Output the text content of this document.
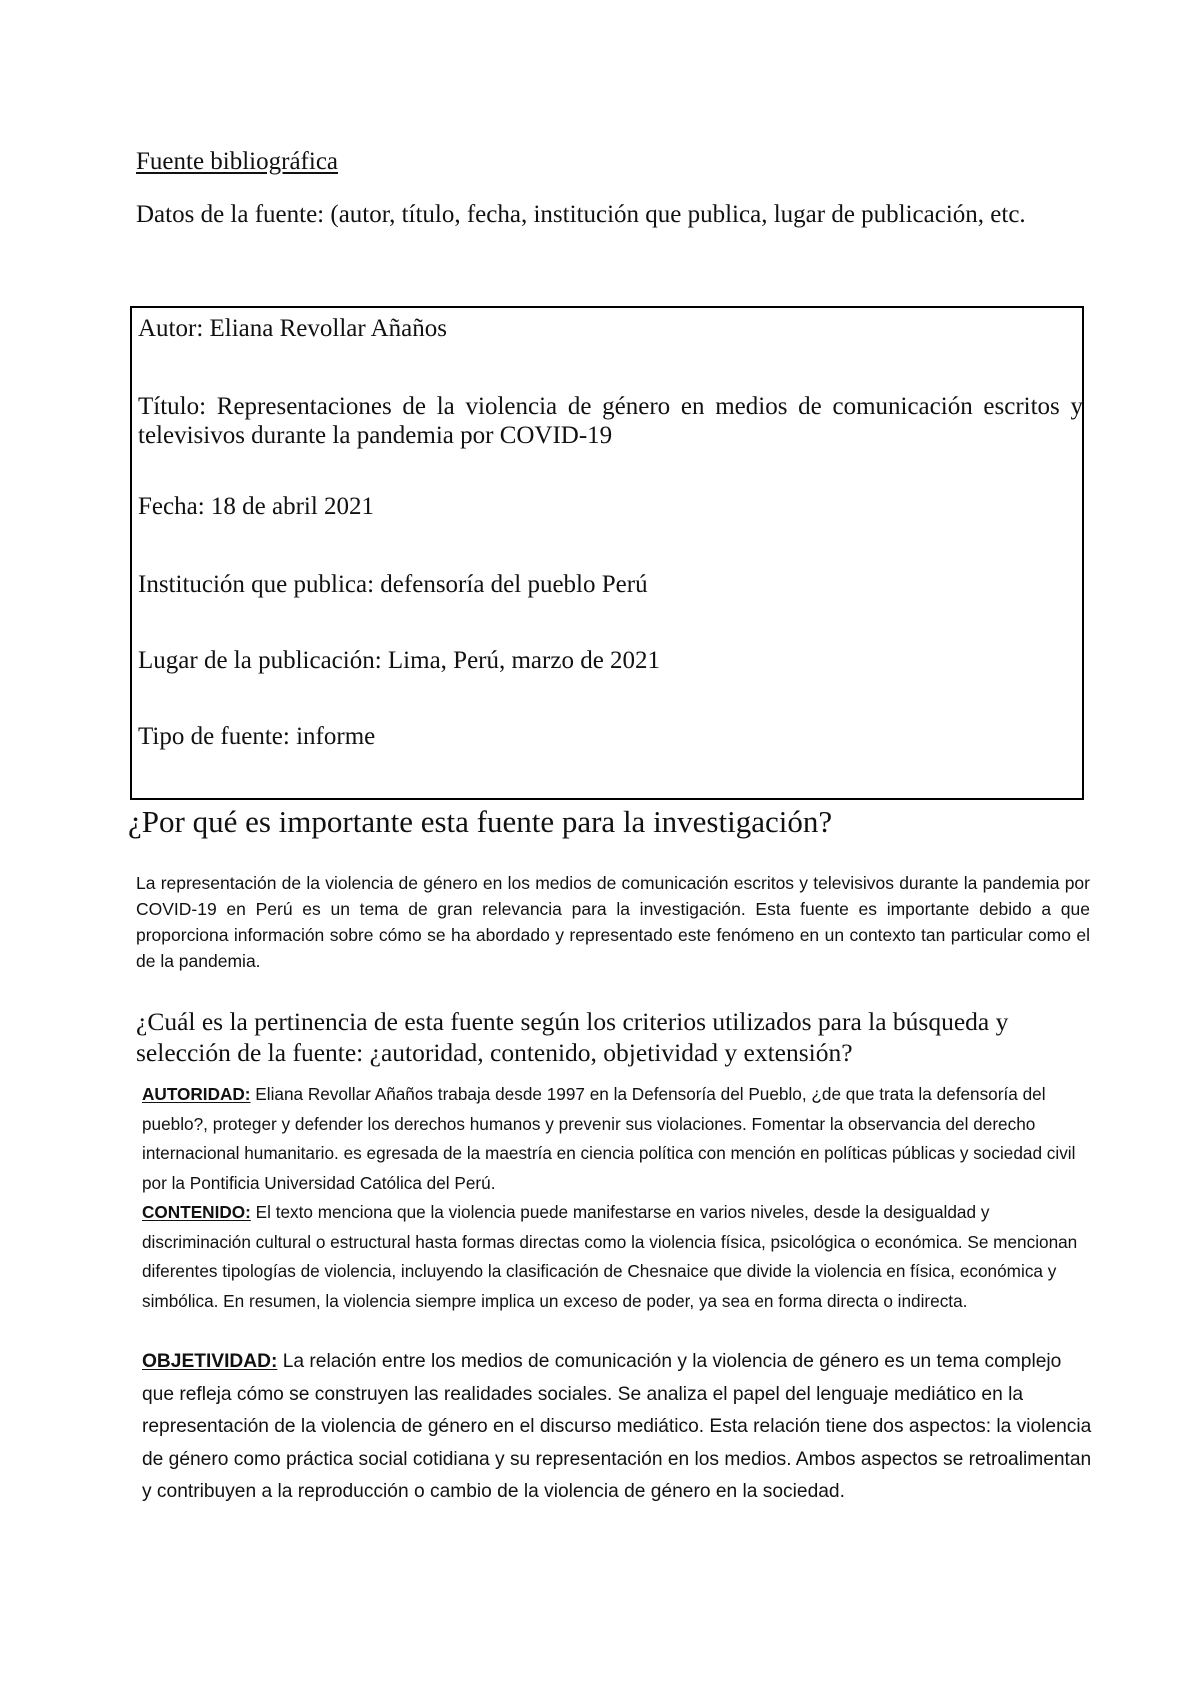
Fuente bibliográfica

Datos de la fuente: (autor, título, fecha, institución que publica, lugar de publicación, etc.

Autor: Eliana Revollar Añaños

Título: Representaciones de la violencia de género en medios de comunicación escritos y televisivos durante la pandemia por COVID-19

Fecha: 18 de abril 2021

Institución que publica: defensoría del pueblo Perú

Lugar de la publicación: Lima, Perú, marzo de 2021

Tipo de fuente: informe

¿Por qué es importante esta fuente para la investigación?

La representación de la violencia de género en los medios de comunicación escritos y televisivos durante la pandemia por COVID-19 en Perú es un tema de gran relevancia para la investigación. Esta fuente es importante debido a que proporciona información sobre cómo se ha abordado y representado este fenómeno en un contexto tan particular como el de la pandemia.

¿Cuál es la pertinencia de esta fuente según los criterios utilizados para la búsqueda y selección de la fuente: ¿autoridad, contenido, objetividad y extensión?

AUTORIDAD: Eliana Revollar Añaños trabaja desde 1997 en la Defensoría del Pueblo, ¿de que trata la defensoría del pueblo?, proteger y defender los derechos humanos y prevenir sus violaciones. Fomentar la observancia del derecho internacional humanitario. es egresada de la maestría en ciencia política con mención en políticas públicas y sociedad civil por la Pontificia Universidad Católica del Perú.

CONTENIDO: El texto menciona que la violencia puede manifestarse en varios niveles, desde la desigualdad y discriminación cultural o estructural hasta formas directas como la violencia física, psicológica o económica. Se mencionan diferentes tipologías de violencia, incluyendo la clasificación de Chesnaice que divide la violencia en física, económica y simbólica. En resumen, la violencia siempre implica un exceso de poder, ya sea en forma directa o indirecta.

OBJETIVIDAD: La relación entre los medios de comunicación y la violencia de género es un tema complejo que refleja cómo se construyen las realidades sociales. Se analiza el papel del lenguaje mediático en la representación de la violencia de género en el discurso mediático. Esta relación tiene dos aspectos: la violencia de género como práctica social cotidiana y su representación en los medios. Ambos aspectos se retroalimentan y contribuyen a la reproducción o cambio de la violencia de género en la sociedad.
